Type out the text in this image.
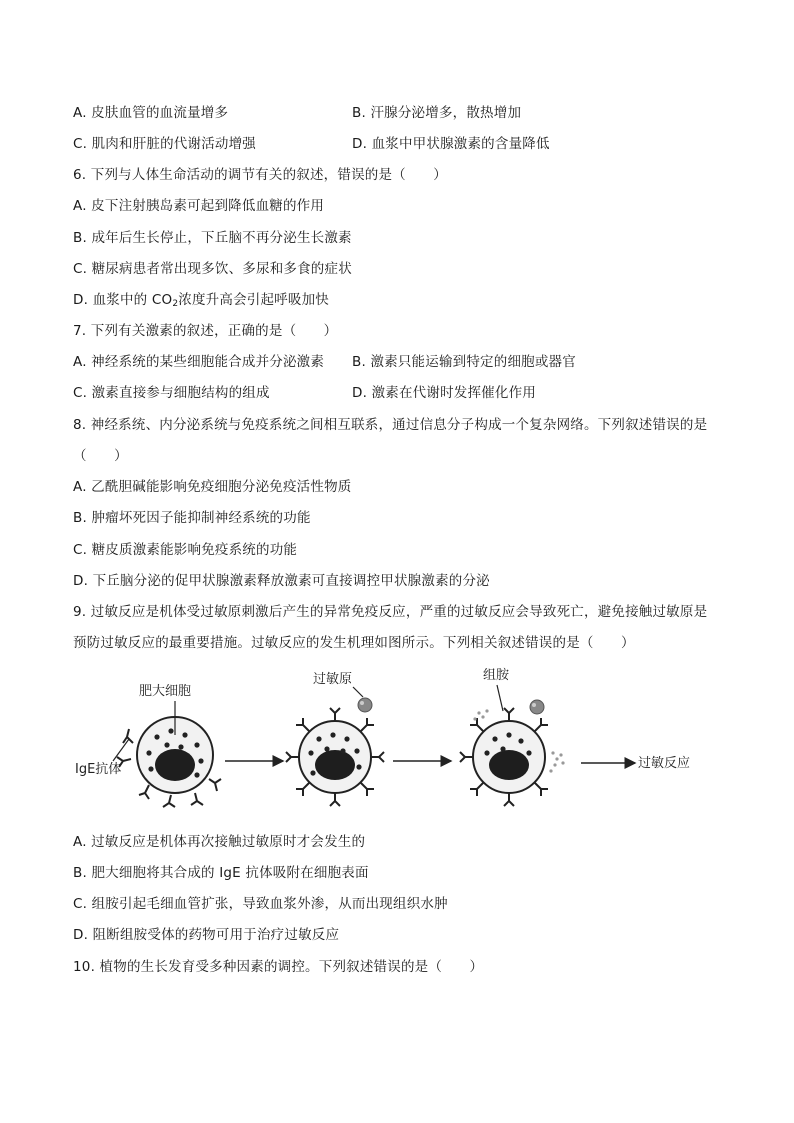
A. 皮肤血管的血流量增多	B. 汗腺分泌增多，散热增加
C. 肌肉和肝脏的代谢活动增强	D. 血浆中甲状腺激素的含量降低
6. 下列与人体生命活动的调节有关的叙述，错误的是（　　）
A. 皮下注射胰岛素可起到降低血糖的作用
B. 成年后生长停止，下丘脑不再分泌生长激素
C. 糖尿病患者常出现多饮、多尿和多食的症状
D. 血浆中的 $CO_2$浓度升高会引起呼吸加快
7. 下列有关激素的叙述，正确的是（　　）
A. 神经系统的某些细胞能合成并分泌激素 B. 激素只能运输到特定的细胞或器官
C. 激素直接参与细胞结构的组成	D. 激素在代谢时发挥催化作用
8. 神经系统、内分泌系统与免疫系统之间相互联系，通过信息分子构成一个复杂网络。下列叙述错误的是
（　　）
A. 乙酰胆碱能影响免疫细胞分泌免疫活性物质
B. 肿瘤坏死因子能抑制神经系统的功能
C. 糖皮质激素能影响免疫系统的功能
D. 下丘脑分泌的促甲状腺激素释放激素可直接调控甲状腺激素的分泌
9. 过敏反应是机体受过敏原刺激后产生的异常免疫反应，严重的过敏反应会导致死亡，避免接触过敏原是
预防过敏反应的最重要措施。过敏反应的发生机理如图所示。下列相关叙述错误的是（　　）
肥大细胞
IgE抗体
过敏原	组胺
过敏反应
A. 过敏反应是机体再次接触过敏原时才会发生的
B. 肥大细胞将其合成的 IgE 抗体吸附在细胞表面
C. 组胺引起毛细血管扩张，导致血浆外渗，从而出现组织水肿
D. 阻断组胺受体的药物可用于治疗过敏反应
10. 植物的生长发育受多种因素的调控。下列叙述错误的是（　　）
